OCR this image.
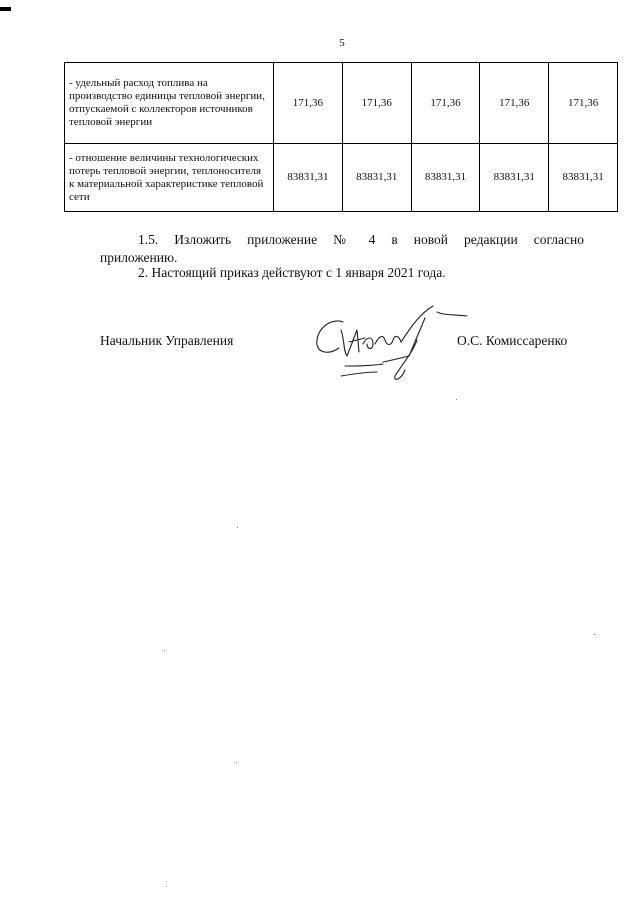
5
- удельный расход топлива на производство единицы тепловой энергии, отпускаемой с коллекторов источников тепловой энергии	171,36	171,36	171,36	171,36	171,36
- отношение величины технологических потерь тепловой энергии, теплоносителя к материальной характеристике тепловой сети	83831,31	83831,31	83831,31	83831,31	83831,31
1.5. Изложить приложение № 4 в новой редакции согласно приложению.
2. Настоящий приказ действуют с 1 января 2021 года.
Начальник Управления	О.С. Комиссаренко
